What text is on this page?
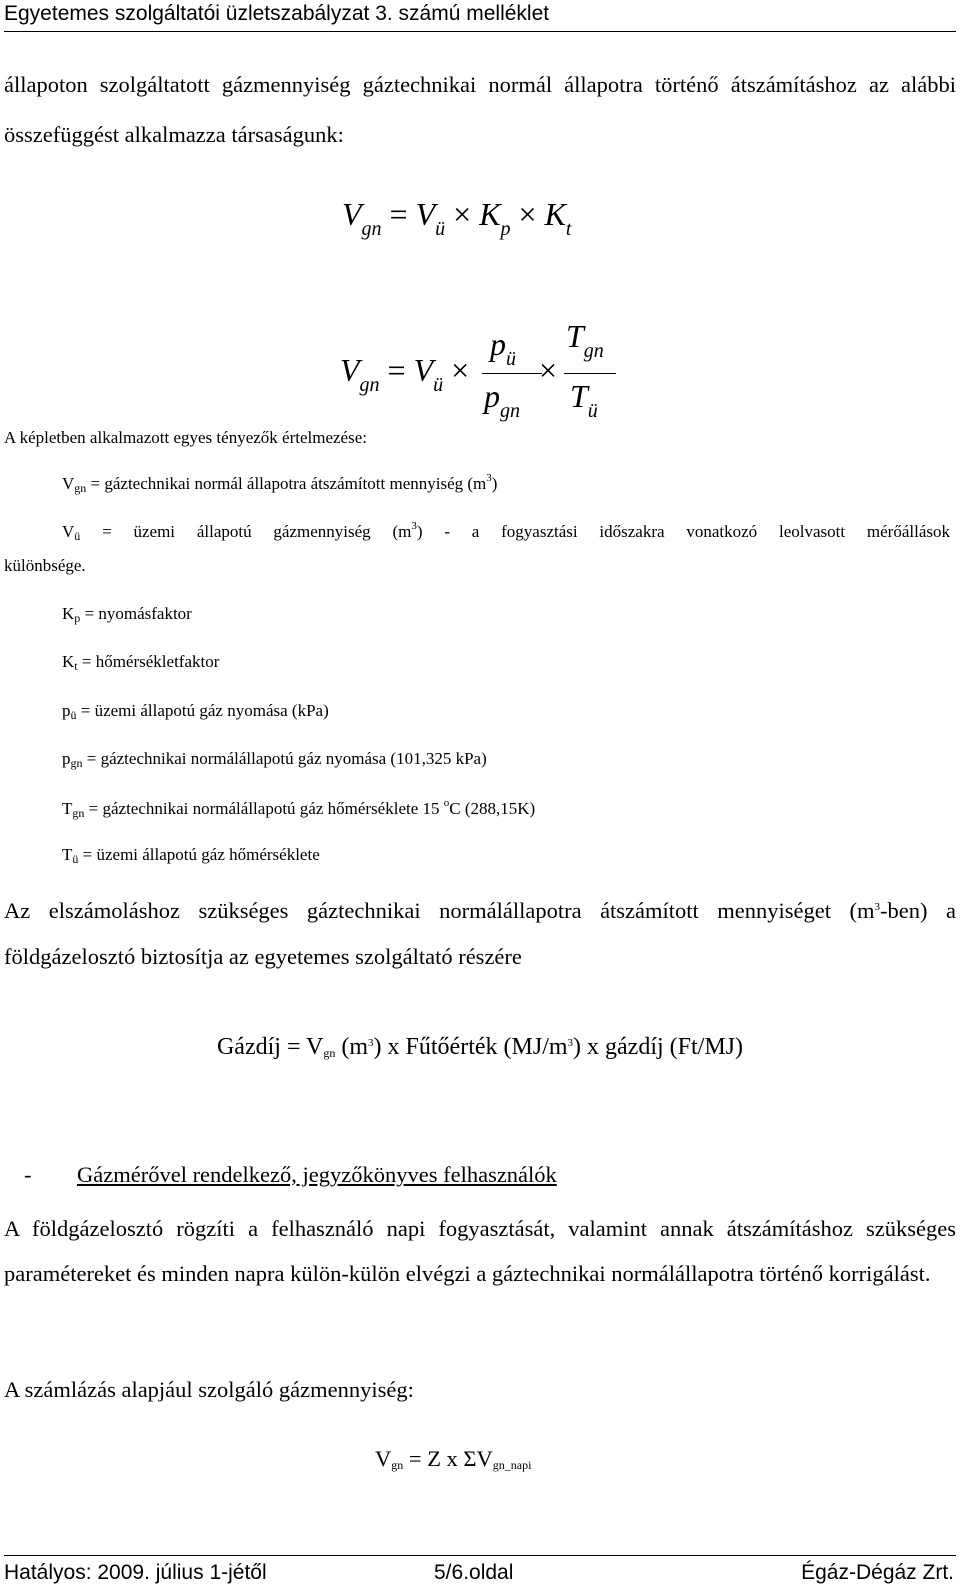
Egyetemes szolgáltatói üzletszabályzat 3. számú melléklet
állapoton szolgáltatott gázmennyiség gáztechnikai normál állapotra történő átszámításhoz az alábbi összefüggést alkalmazza társaságunk:
$V_{gn} = V_ü \times K_p \times K_t$
$V_{gn} = V_ü$ ×
$p_ü$
$p_{gn}$
×
$T_{gn}$
$T_ü$
A képletben alkalmazott egyes tényezők értelmezése:
$V_{gn}$ = gáztechnikai normál állapotra átszámított mennyiség $(m^3)$
$V_ü$ = üzemi állapotú gázmennyiség $(m^3)$ - a fogyasztási időszakra vonatkozó leolvasott mérőállások
különbsége.
$K_p$ = nyomásfaktor
$K_t$ = hőmérsékletfaktor
$p_ü$ = üzemi állapotú gáz nyomása (kPa)
$p_{gn}$ = gáztechnikai normálállapotú gáz nyomása (101,325 kPa)
$T_{gn}$ = gáztechnikai normálállapotú gáz hőmérséklete 15 $^o$C (288,15K)
$T_ü$ = üzemi állapotú gáz hőmérséklete
Az elszámoláshoz szükséges gáztechnikai normálállapotra átszámított mennyiséget $(m^3-ben)$ a földgázelosztó biztosítja az egyetemes szolgáltató részére
Gázdíj = $V_{gn}$ $(m^3)$ x Fűtőérték $(MJ/m^3)$ x gázdíj (Ft/MJ)
- Gázmérővel rendelkező, jegyzőkönyves felhasználók
A földgázelosztó rögzíti a felhasználó napi fogyasztását, valamint annak átszámításhoz szükséges paramétereket és minden napra külön-külön elvégzi a gáztechnikai normálállapotra történő korrigálást.
A számlázás alapjául szolgáló gázmennyiség:
$V_{gn} = Z$ x $\Sigma V_{gn\_napi}$
Hatályos: 2009. július 1-jétől	5/6.oldal	Égáz-Dégáz Zrt.
